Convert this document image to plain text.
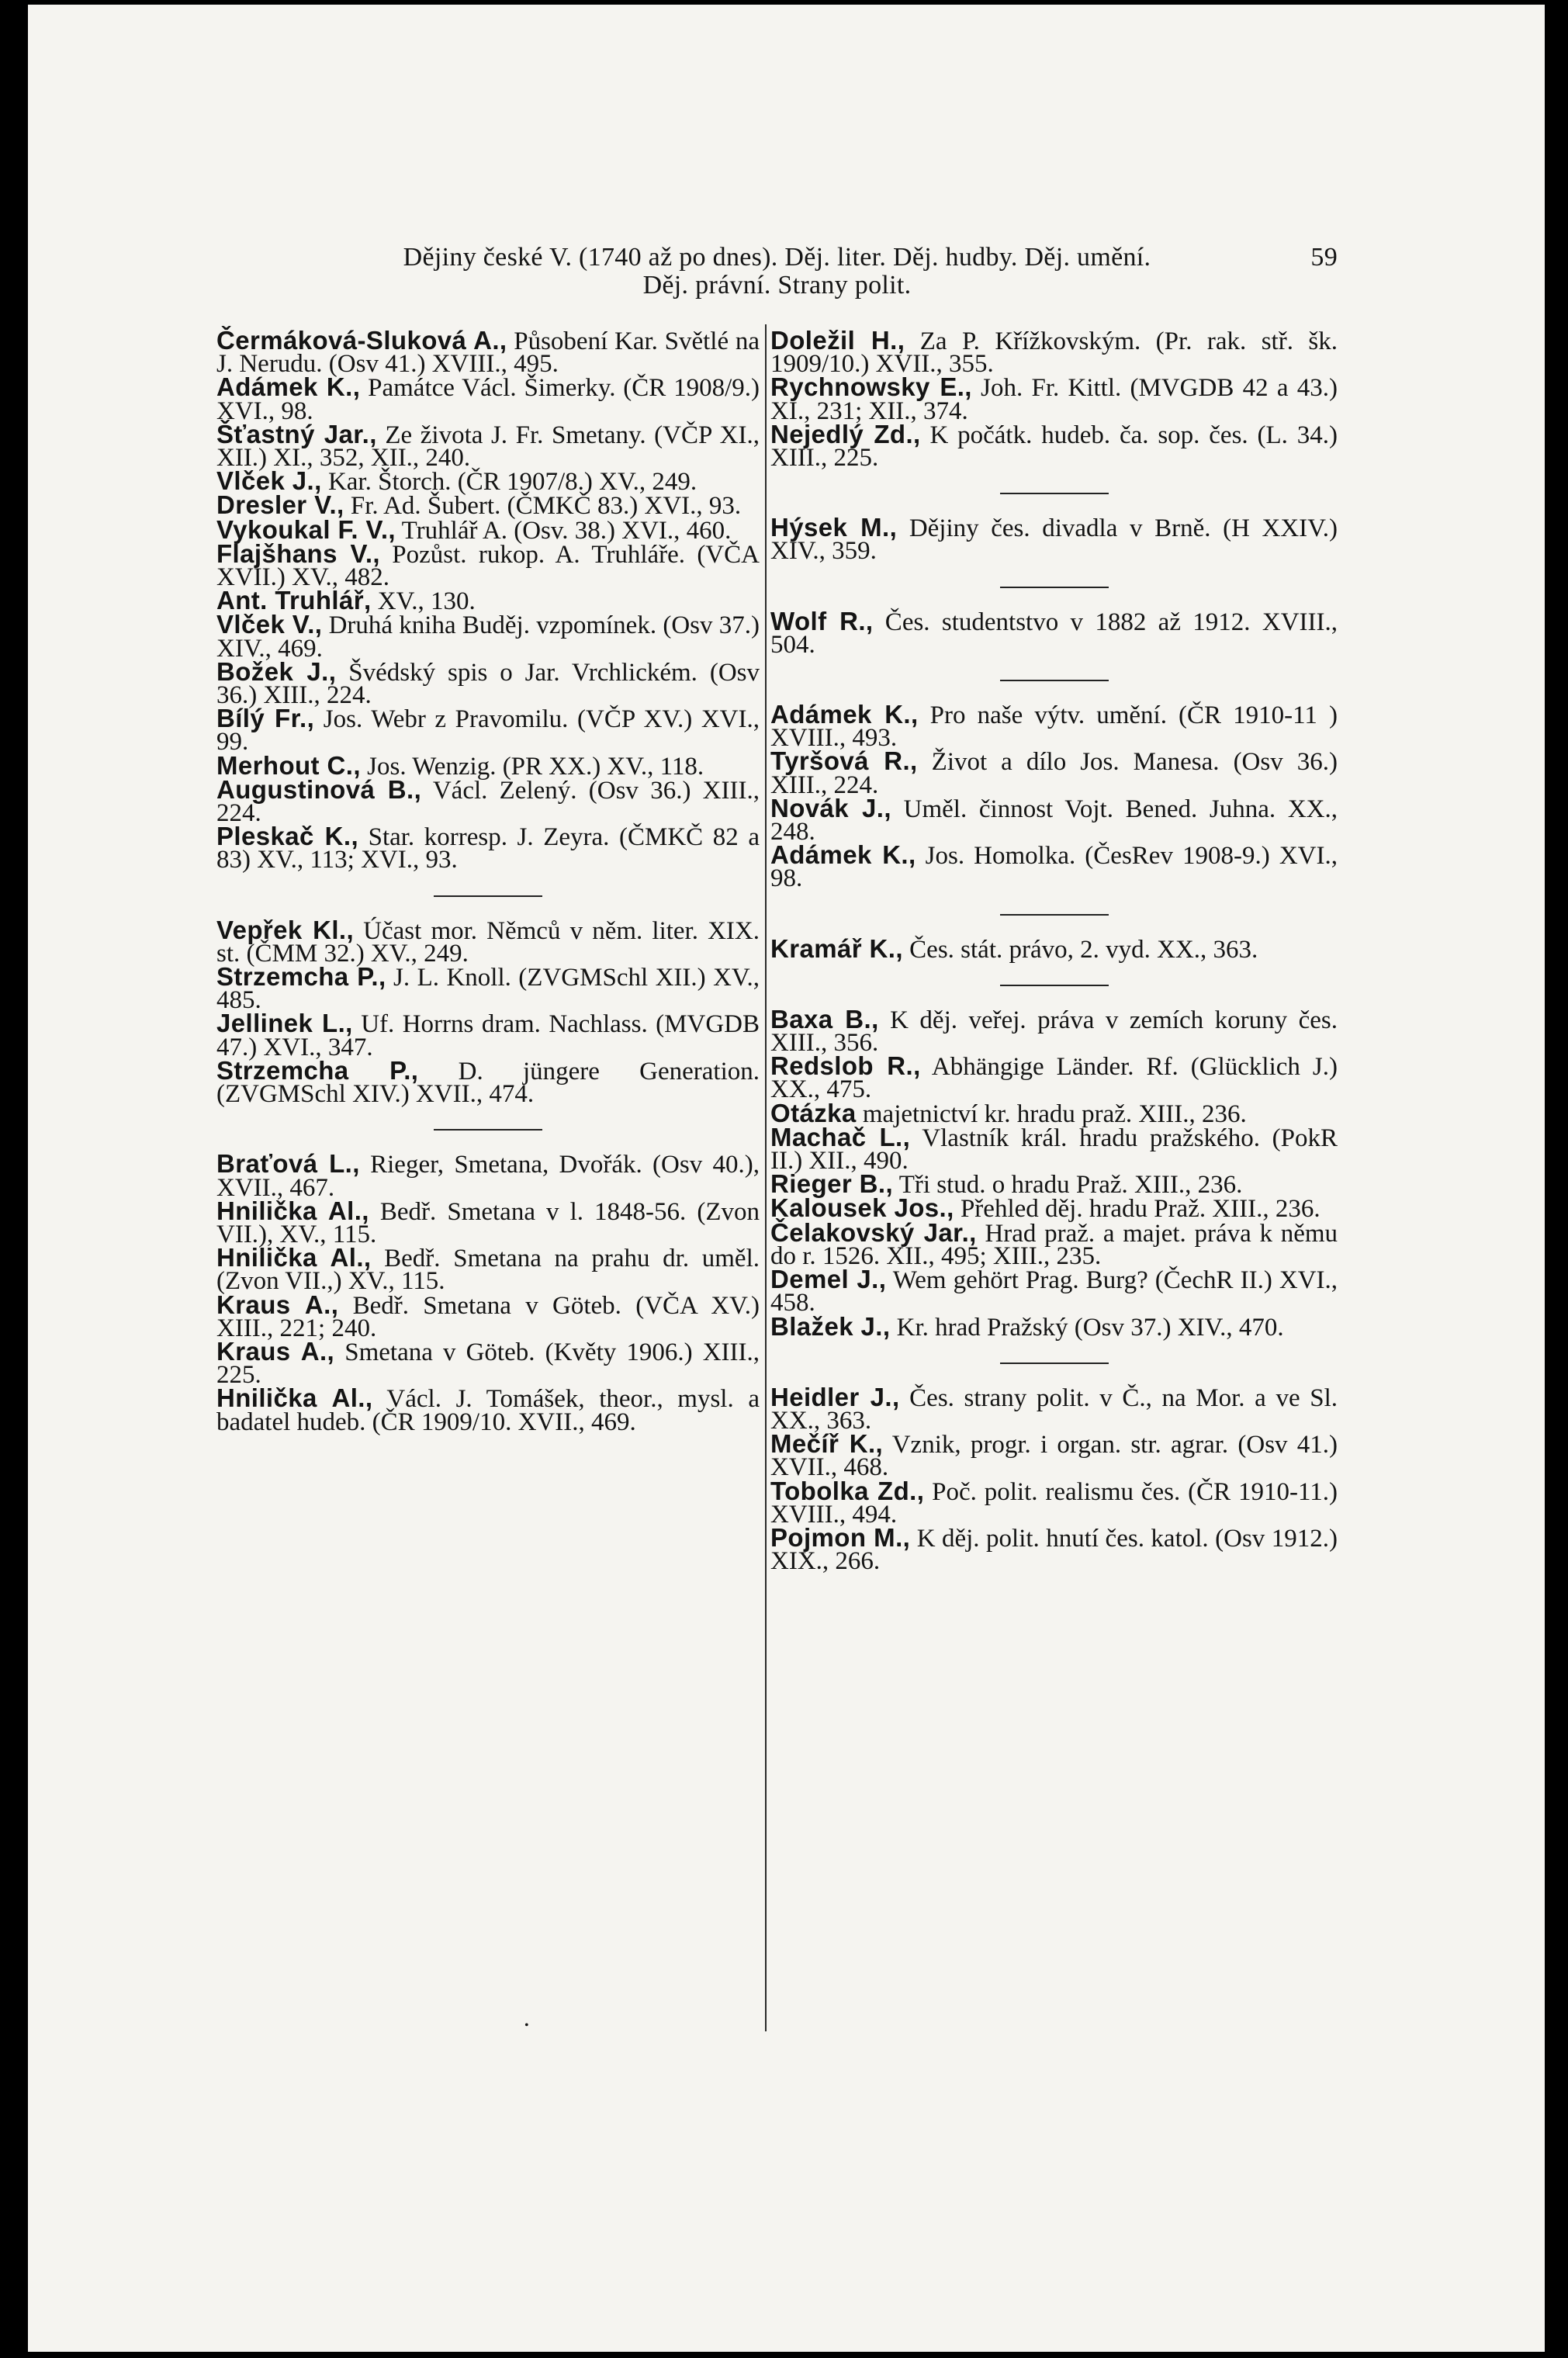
Dějiny české V. (1740 až po dnes). Děj. liter. Děj. hudby. Děj. umění.	59
Děj. právní. Strany polit.
Čermáková-Sluková A., Působení Kar. Světlé na J. Nerudu. (Osv 41.) XVIII., 495.
Adámek K., Památce Václ. Šimerky. (ČR 1908/9.) XVI., 98.
Šťastný Jar., Ze života J. Fr. Smetany. (VČP XI., XII.) XI., 352, XII., 240.
Vlček J., Kar. Štorch. (ČR 1907/8.) XV., 249.
Dresler V., Fr. Ad. Šubert. (ČMKČ 83.) XVI., 93.
Vykoukal F. V., Truhlář A. (Osv. 38.) XVI., 460.
Flajšhans V., Pozůst. rukop. A. Truhláře. (VČA XVII.) XV., 482.
Ant. Truhlář, XV., 130.
Vlček V., Druhá kniha Buděj. vzpomínek. (Osv 37.) XIV., 469.
Božek J., Švédský spis o Jar. Vrchlickém. (Osv 36.) XIII., 224.
Bílý Fr., Jos. Webr z Pravomilu. (VČP XV.) XVI., 99.
Merhout C., Jos. Wenzig. (PR XX.) XV., 118.
Augustinová B., Václ. Zelený. (Osv 36.) XIII., 224.
Pleskač K., Star. korresp. J. Zeyra. (ČMKČ 82 a 83) XV., 113; XVI., 93.
Vepřek Kl., Účast mor. Němců v něm. liter. XIX. st. (ČMM 32.) XV., 249.
Strzemcha P., J. L. Knoll. (ZVGMSchl XII.) XV., 485.
Jellinek L., Uf. Horrns dram. Nachlass. (MVGDB 47.) XVI., 347.
Strzemcha P., D. jüngere Generation. (ZVGMSchl XIV.) XVII., 474.
Braťová L., Rieger, Smetana, Dvořák. (Osv 40.), XVII., 467.
Hnilička Al., Bedř. Smetana v l. 1848-56. (Zvon VII.), XV., 115.
Hnilička Al., Bedř. Smetana na prahu dr. uměl. (Zvon VII.,) XV., 115.
Kraus A., Bedř. Smetana v Göteb. (VČA XV.) XIII., 221; 240.
Kraus A., Smetana v Göteb. (Květy 1906.) XIII., 225.
Hnilička Al., Václ. J. Tomášek, theor., mysl. a badatel hudeb. (ČR 1909/10. XVII., 469.
Doležil H., Za P. Křížkovským. (Pr. rak. stř. šk. 1909/10.) XVII., 355.
Rychnowsky E., Joh. Fr. Kittl. (MVGDB 42 a 43.) XI., 231; XII., 374.
Nejedlý Zd., K počátk. hudeb. ča. sop. čes. (L. 34.) XIII., 225.
Hýsek M., Dějiny čes. divadla v Brně. (H XXIV.) XIV., 359.
Wolf R., Čes. studentstvo v 1882 až 1912. XVIII., 504.
Adámek K., Pro naše výtv. umění. (ČR 1910-11 ) XVIII., 493.
Tyršová R., Život a dílo Jos. Manesa. (Osv 36.) XIII., 224.
Novák J., Uměl. činnost Vojt. Bened. Juhna. XX., 248.
Adámek K., Jos. Homolka. (ČesRev 1908-9.) XVI., 98.
Kramář K., Čes. stát. právo, 2. vyd. XX., 363.
Baxa B., K děj. veřej. práva v zemích koruny čes. XIII., 356.
Redslob R., Abhängige Länder. Rf. (Glücklich J.) XX., 475.
Otázka majetnictví kr. hradu praž. XIII., 236.
Machač L., Vlastník král. hradu pražského. (PokR II.) XII., 490.
Rieger B., Tři stud. o hradu Praž. XIII., 236.
Kalousek Jos., Přehled děj. hradu Praž. XIII., 236.
Čelakovský Jar., Hrad praž. a majet. práva k němu do r. 1526. XII., 495; XIII., 235.
Demel J., Wem gehört Prag. Burg? (ČechR II.) XVI., 458.
Blažek J., Kr. hrad Pražský (Osv 37.) XIV., 470.
Heidler J., Čes. strany polit. v Č., na Mor. a ve Sl. XX., 363.
Mečíř K., Vznik, progr. i organ. str. agrar. (Osv 41.) XVII., 468.
Tobolka Zd., Poč. polit. realismu čes. (ČR 1910-11.) XVIII., 494.
Pojmon M., K děj. polit. hnutí čes. katol. (Osv 1912.) XIX., 266.
•
